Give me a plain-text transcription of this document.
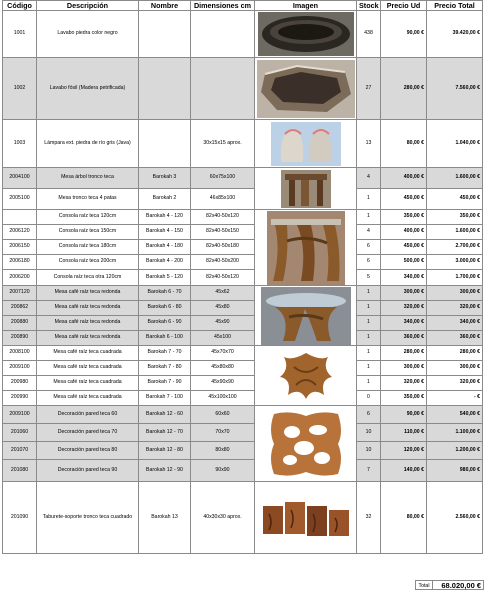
Código	Descripción	Nombre	Dimensiones cm	Imagen	Stock	Precio Ud	Precio Total
1001	Lavabo piedra color negro				438	90,00 €	39.420,00 €
1002	Lavabo fósil (Madera petrificada)				27	280,00 €	7.560,00 €
1003	Lámpara ext. piedra de río gris (Java)		30x15x15 aprox.		13	80,00 €	1.040,00 €
2004100	Mesa árbol tronco teca	Barokah 3	60x75x100		4	400,00 €	1.600,00 €
2005100	Mesa tronco teca 4 patas	Barokah 2	46x85x100		1	450,00 €	450,00 €
	Consola raíz teca 120cm	Barokah 4 - 120	82x40-50x120		1	350,00 €	350,00 €
2006120	Consola raíz teca 150cm	Barokah 4 - 150	82x40-50x150		4	400,00 €	1.600,00 €
2006150	Consola raíz teca 180cm	Barokah 4 - 180	82x40-50x180		6	450,00 €	2.700,00 €
2006180	Consola raíz teca 200cm	Barokah 4 - 200	82x40-50x200		6	500,00 €	3.000,00 €
2006200	Consola raíz teca otra 120cm	Barokah 5 - 120	82x40-50x120		5	340,00 €	1.700,00 €
2007120	Mesa café raíz teca redonda	Barokah 6 - 70	45x62		1	300,00 €	300,00 €
200862	Mesa café raíz teca redonda	Barokah 6 - 80	45x80		1	320,00 €	320,00 €
200880	Mesa café raíz teca redonda	Barokah 6 - 90	45x90		1	340,00 €	340,00 €
200890	Mesa café raíz teca redonda	Barokah 6 - 100	45x100		1	360,00 €	360,00 €
2008100	Mesa café raíz teca cuadrada	Barokah 7 - 70	45x70x70		1	280,00 €	280,00 €
2009100	Mesa café raíz teca cuadrada	Barokah 7 - 80	45x80x80		1	300,00 €	300,00 €
200980	Mesa café raíz teca cuadrada	Barokah 7 - 90	45x90x90		1	320,00 €	320,00 €
200990	Mesa café raíz teca cuadrada	Barokah 7 - 100	45x100x100		0	350,00 €	- €
2009100	Decoración pared teca 60	Barokah 12 - 60	60x60		6	90,00 €	540,00 €
201060	Decoración pared teca 70	Barokah 12 - 70	70x70		10	110,00 €	1.100,00 €
201070	Decoración pared teca 80	Barokah 12 - 80	80x80		10	120,00 €	1.200,00 €
201080	Decoración pared teca 90	Barokah 12 - 90	90x90		7	140,00 €	980,00 €
201090	Taburete-soporte tronco teca cuadrado	Barokah 13	40x30x30 aprox.		32	80,00 €	2.560,00 €
Total	68.020,00 €
